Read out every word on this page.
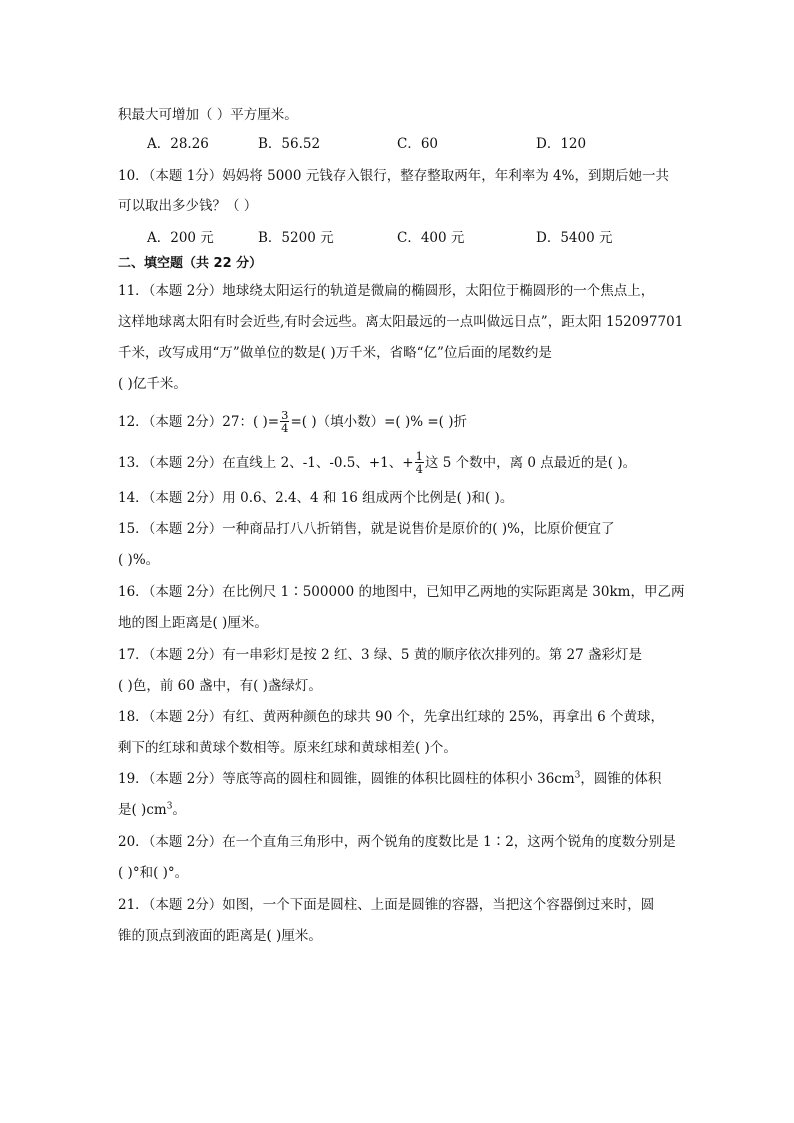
积最大可增加（ ）平方厘米。
A．28.26	B．56.52	C．60	D．120
10．（本题 1分）妈妈将 5000 元钱存入银行，整存整取两年，年利率为 4%，到期后她一共
可以取出多少钱？（ ）
A．200 元	B．5200 元	C．400 元	D．5400 元
二、填空题（共 22 分）
11．（本题 2分）地球绕太阳运行的轨道是微扁的椭圆形，太阳位于椭圆形的一个焦点上，
这样地球离太阳有时会近些,有时会远些。离太阳最远的一点叫做远日点”，距太阳 152097701
千米，改写成用“万”做单位的数是( )万千米，省略“亿”位后面的尾数约是
( )亿千米。
12．（本题 2分）27：( )= $\frac{3}{4}$ =( )（填小数）=( )% =( )折
13．（本题 2分）在直线上 2、-1、-0.5、+1、+ $\frac{1}{4}$ 这 5 个数中，离 0 点最近的是( )。
14．（本题 2分）用 0.6、2.4、4 和 16 组成两个比例是( )和( )。
15．（本题 2分）一种商品打八八折销售，就是说售价是原价的( )%，比原价便宜了
( )%。
16．（本题 2分）在比例尺 1∶500000 的地图中，已知甲乙两地的实际距离是 30km，甲乙两
地的图上距离是( )厘米。
17．（本题 2分）有一串彩灯是按 2 红、3 绿、5 黄的顺序依次排列的。第 27 盏彩灯是
( )色，前 60 盏中，有( )盏绿灯。
18．（本题 2分）有红、黄两种颜色的球共 90 个，先拿出红球的 25%，再拿出 6 个黄球，
剩下的红球和黄球个数相等。原来红球和黄球相差( )个。
19．（本题 2分）等底等高的圆柱和圆锥，圆锥的体积比圆柱的体积小 $36cm^3$，圆锥的体积
是( )$cm^3$。
20．（本题 2分）在一个直角三角形中，两个锐角的度数比是 1∶2，这两个锐角的度数分别是
( )°和( )°。
21．（本题 2分）如图，一个下面是圆柱、上面是圆锥的容器，当把这个容器倒过来时，圆
锥的顶点到液面的距离是( )厘米。
